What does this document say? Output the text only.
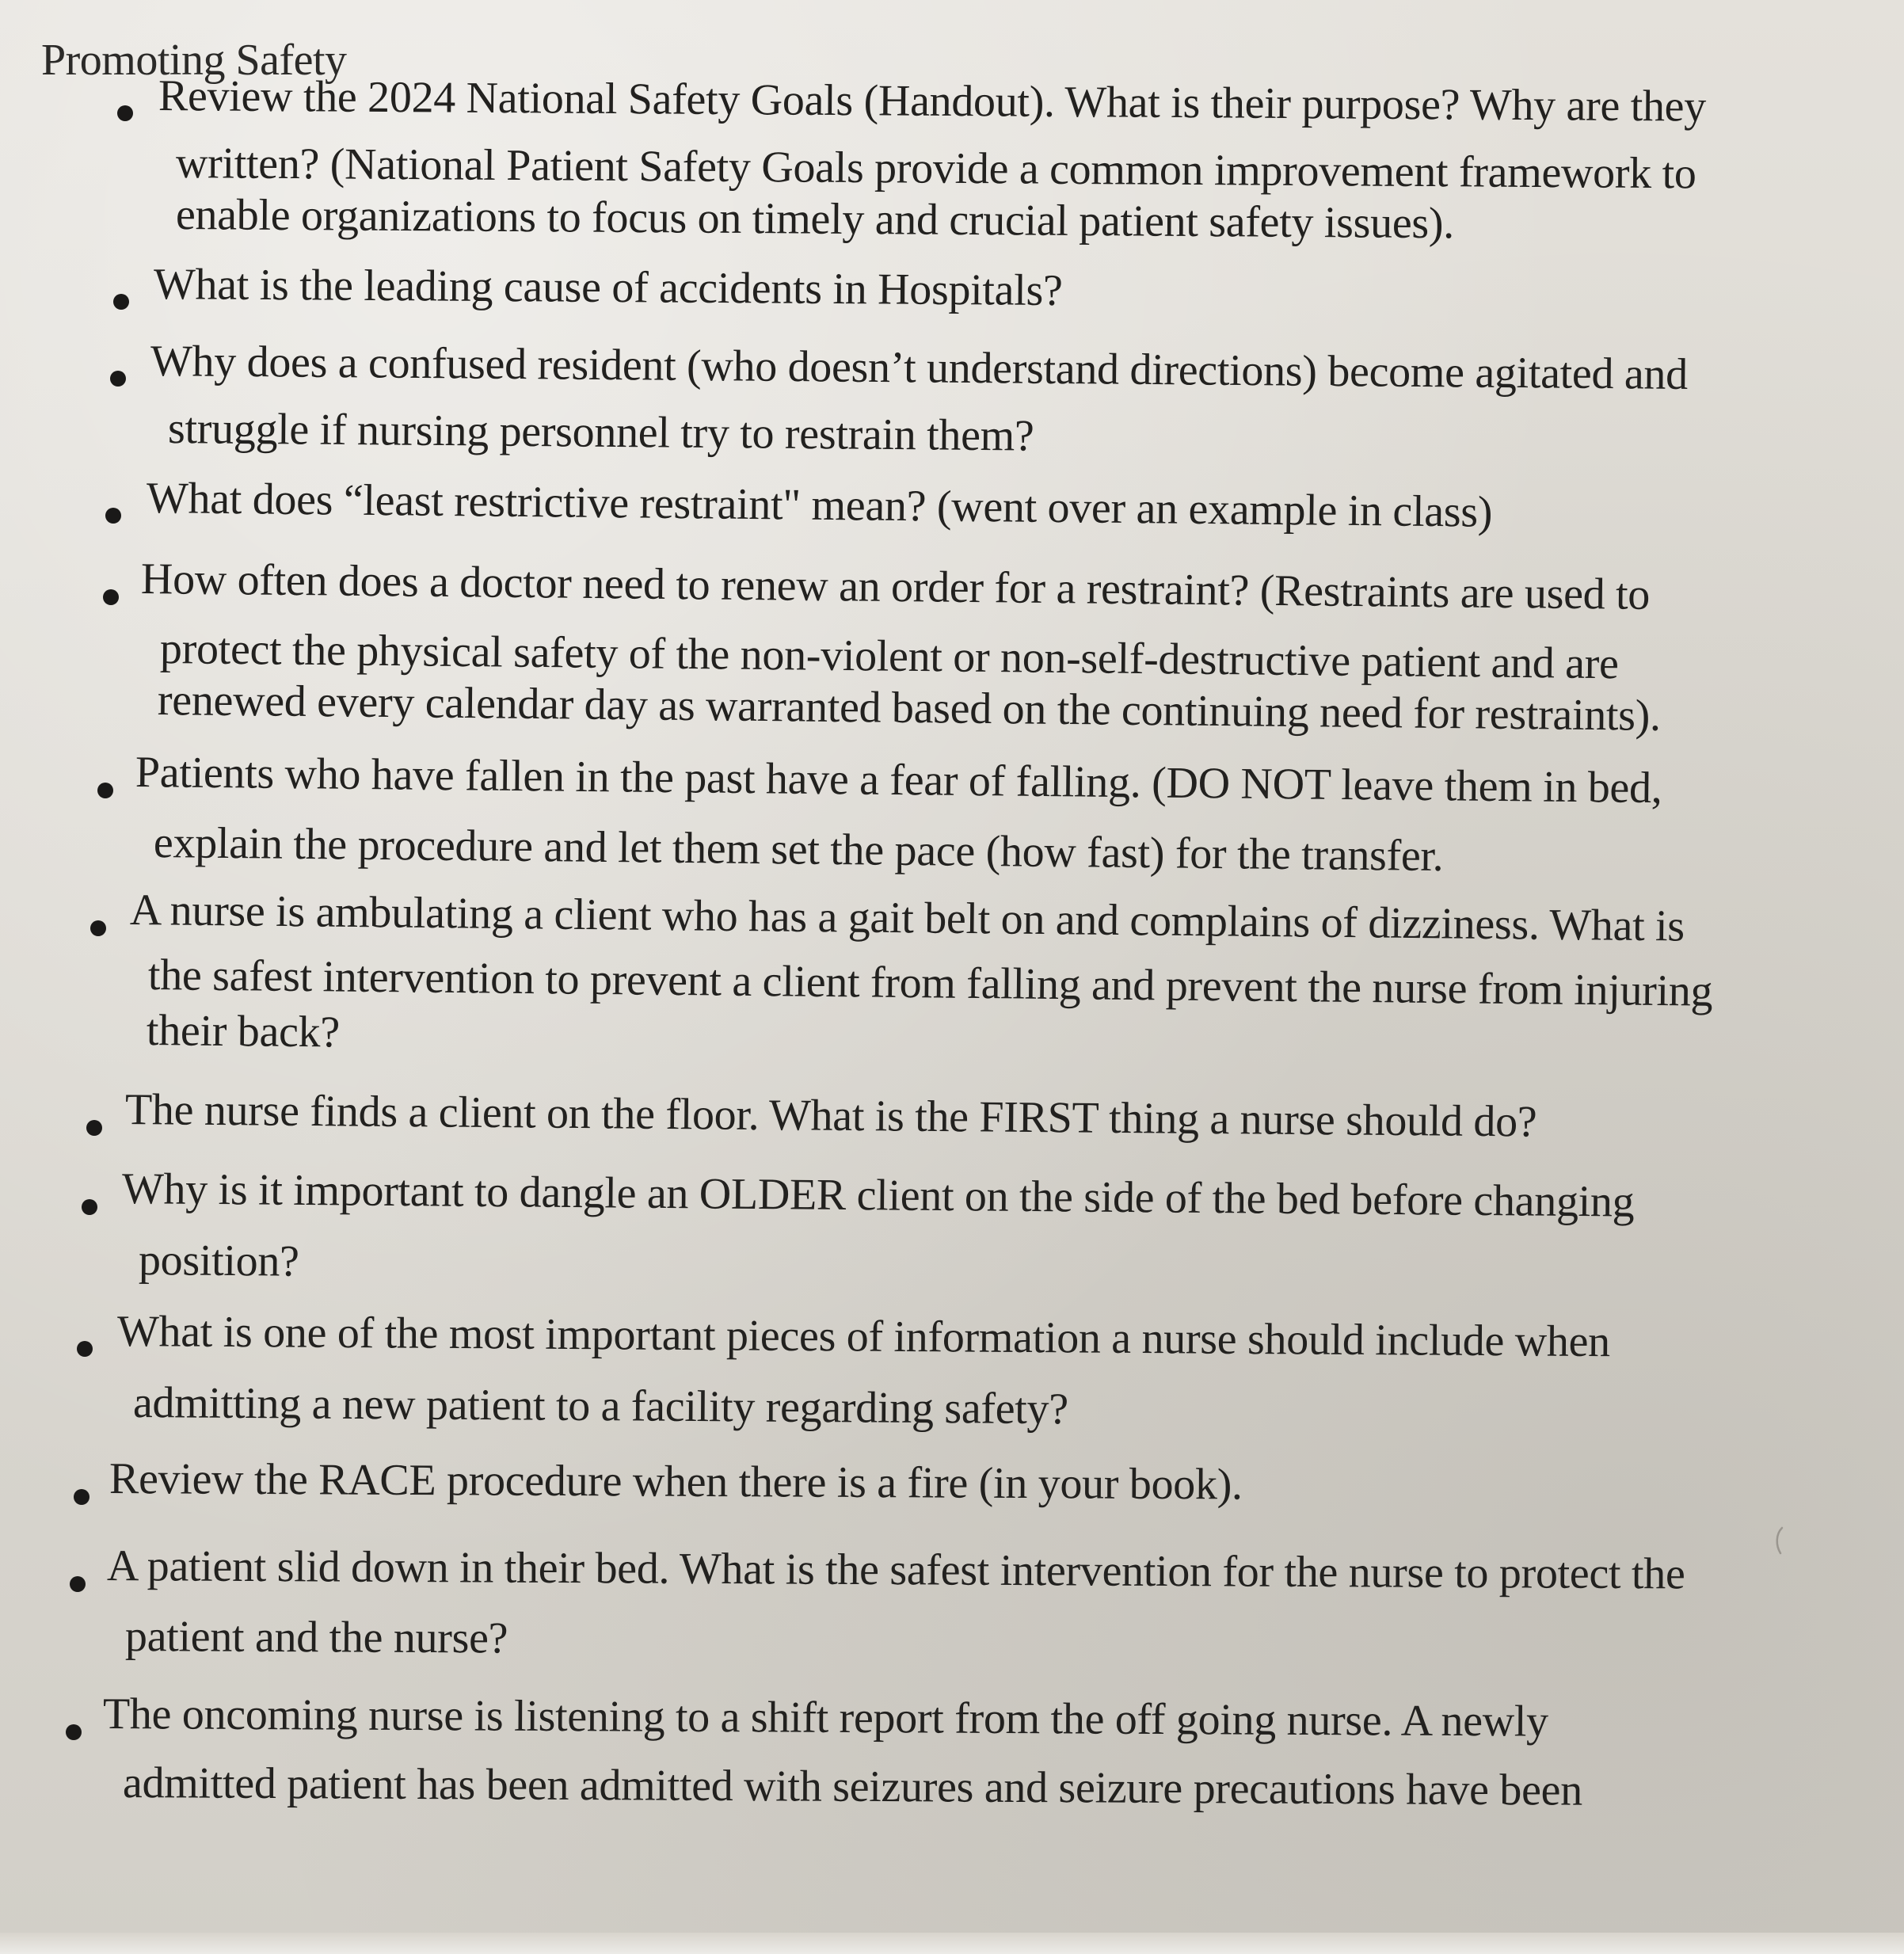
Promoting Safety
Review the 2024 National Safety Goals (Handout). What is their purpose? Why are they
written? (National Patient Safety Goals provide a common improvement framework to
enable organizations to focus on timely and crucial patient safety issues).
What is the leading cause of accidents in Hospitals?
Why does a confused resident (who doesn’t understand directions) become agitated and
struggle if nursing personnel try to restrain them?
What does “least restrictive restraint" mean? (went over an example in class)
How often does a doctor need to renew an order for a restraint? (Restraints are used to
protect the physical safety of the non-violent or non-self-destructive patient and are
renewed every calendar day as warranted based on the continuing need for restraints).
Patients who have fallen in the past have a fear of falling. (DO NOT leave them in bed,
explain the procedure and let them set the pace (how fast) for the transfer.
A nurse is ambulating a client who has a gait belt on and complains of dizziness. What is
the safest intervention to prevent a client from falling and prevent the nurse from injuring
their back?
The nurse finds a client on the floor. What is the FIRST thing a nurse should do?
Why is it important to dangle an OLDER client on the side of the bed before changing
position?
What is one of the most important pieces of information a nurse should include when
admitting a new patient to a facility regarding safety?
Review the RACE procedure when there is a fire (in your book).
A patient slid down in their bed. What is the safest intervention for the nurse to protect the
patient and the nurse?
The oncoming nurse is listening to a shift report from the off going nurse. A newly
admitted patient has been admitted with seizures and seizure precautions have been
